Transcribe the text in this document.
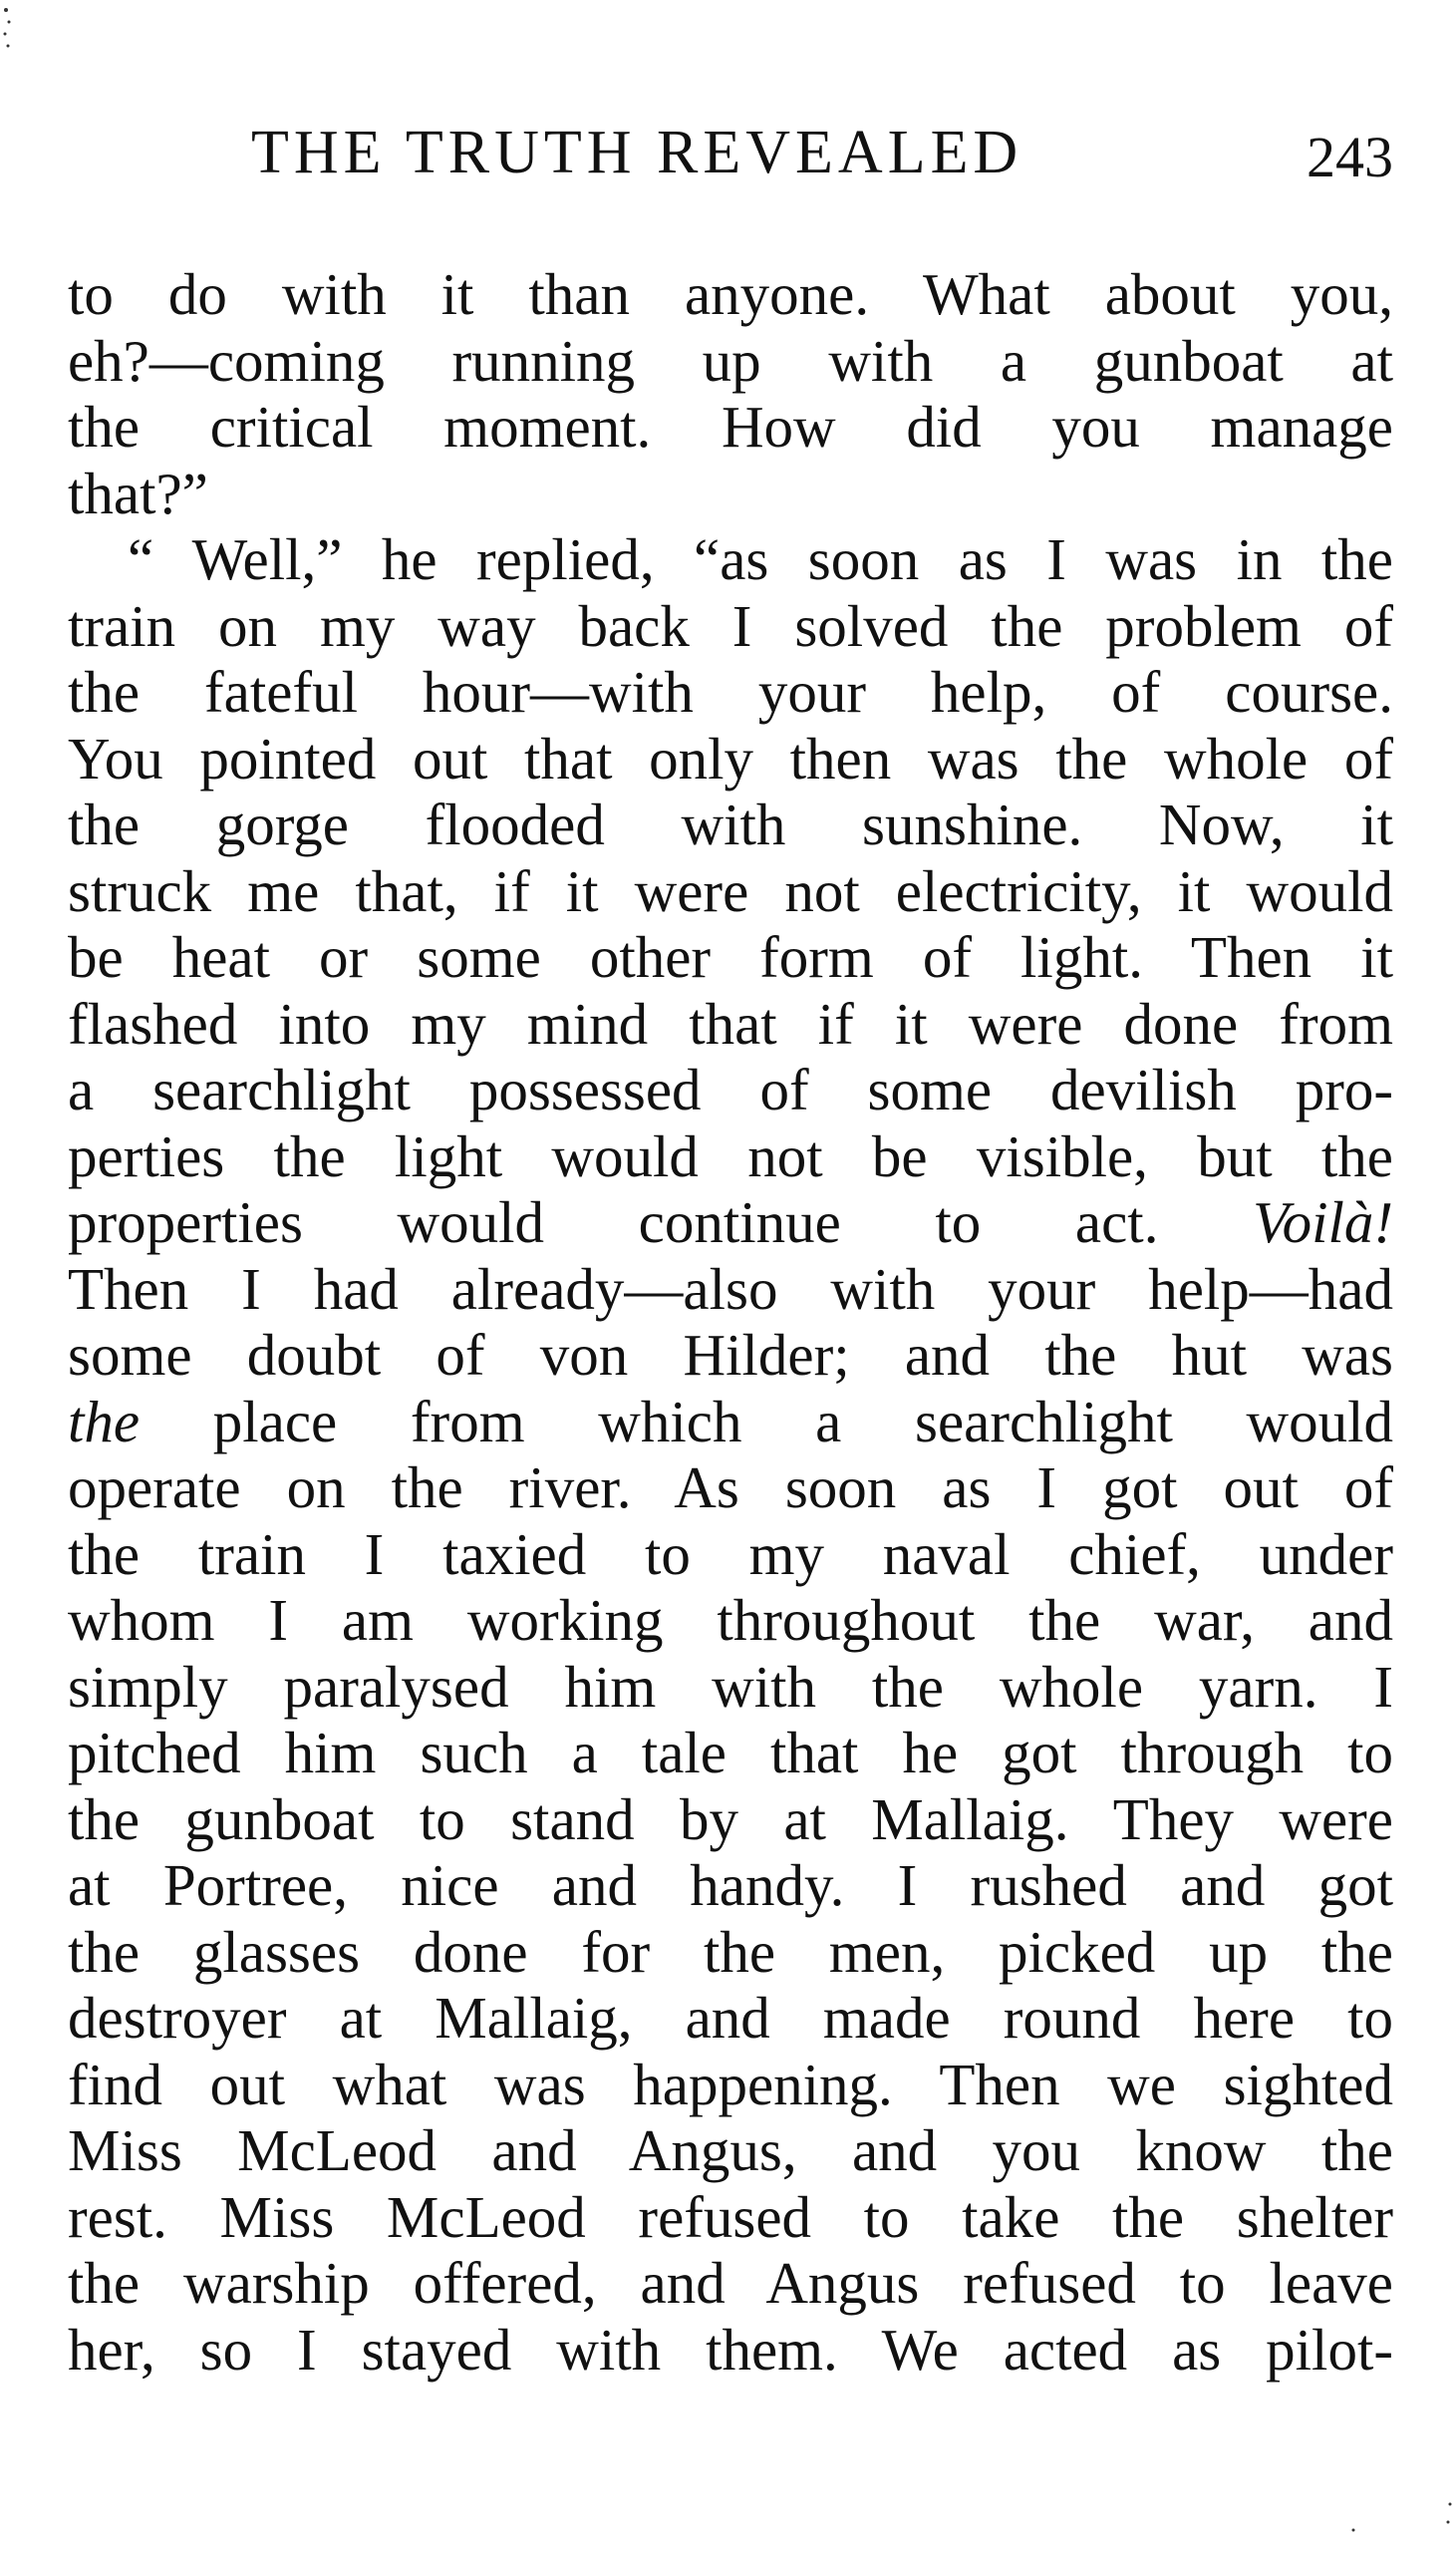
THE TRUTH REVEALED	243
to do with it than anyone. What about you,
eh?—coming running up with a gunboat at
the critical moment. How did you manage
that?”
“ Well,” he replied, “as soon as I was in the
train on my way back I solved the problem of
the fateful hour—with your help, of course.
You pointed out that only then was the whole of
the gorge flooded with sunshine. Now, it
struck me that, if it were not electricity, it would
be heat or some other form of light. Then it
flashed into my mind that if it were done from
a searchlight possessed of some devilish pro-
perties the light would not be visible, but the
properties would continue to act. Voilà!
Then I had already—also with your help—had
some doubt of von Hilder; and the hut was
the place from which a searchlight would
operate on the river. As soon as I got out of
the train I taxied to my naval chief, under
whom I am working throughout the war, and
simply paralysed him with the whole yarn. I
pitched him such a tale that he got through to
the gunboat to stand by at Mallaig. They were
at Portree, nice and handy. I rushed and got
the glasses done for the men, picked up the
destroyer at Mallaig, and made round here to
find out what was happening. Then we sighted
Miss McLeod and Angus, and you know the
rest. Miss McLeod refused to take the shelter
the warship offered, and Angus refused to leave
her, so I stayed with them. We acted as pilot-
